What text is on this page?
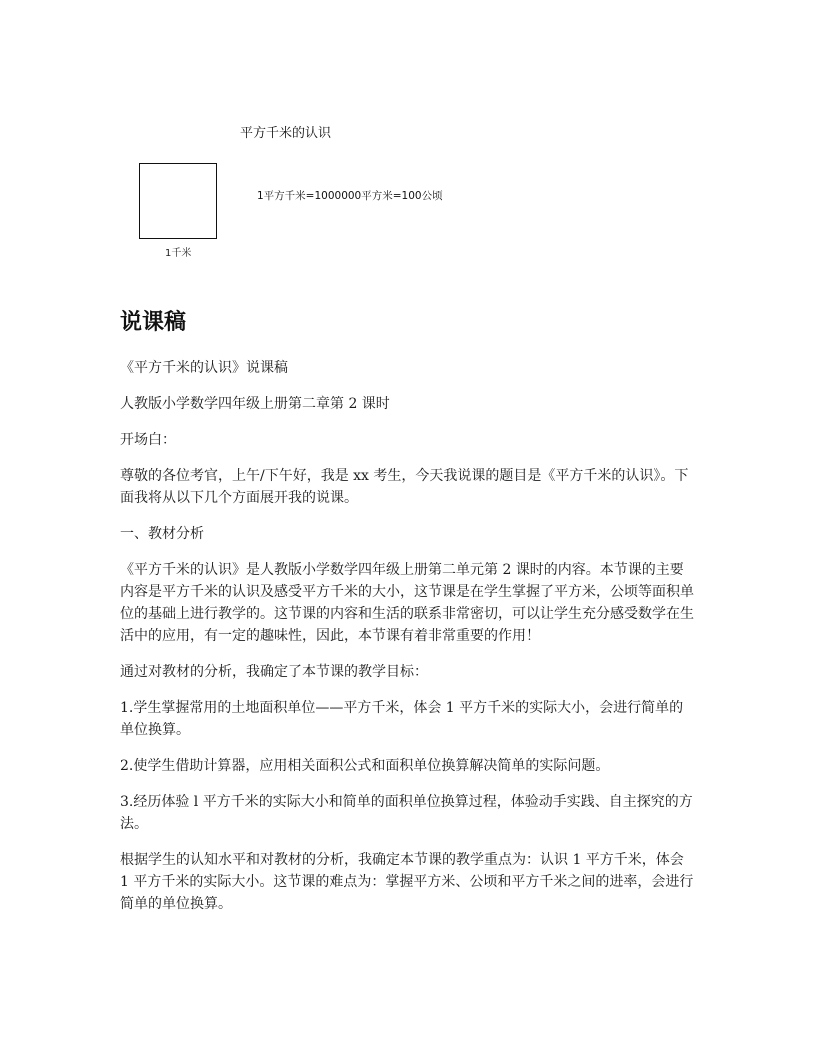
平方千米的认识
1千米
1平方千米=1000000平方米=100公顷
说课稿

《平方千米的认识》说课稿

人教版小学数学四年级上册第二章第 2 课时

开场白：

尊敬的各位考官，上午/下午好，我是 xx 考生，今天我说课的题目是《平方千米的认识》。下面我将从以下几个方面展开我的说课。

一、教材分析

《平方千米的认识》是人教版小学数学四年级上册第二单元第 2 课时的内容。本节课的主要内容是平方千米的认识及感受平方千米的大小，这节课是在学生掌握了平方米，公顷等面积单位的基础上进行教学的。这节课的内容和生活的联系非常密切，可以让学生充分感受数学在生活中的应用，有一定的趣味性，因此，本节课有着非常重要的作用！

通过对教材的分析，我确定了本节课的教学目标：

1.学生掌握常用的土地面积单位——平方千米，体会 1 平方千米的实际大小，会进行简单的单位换算。

2.使学生借助计算器，应用相关面积公式和面积单位换算解决简单的实际问题。

3.经历体验 l 平方千米的实际大小和简单的面积单位换算过程，体验动手实践、自主探究的方法。

根据学生的认知水平和对教材的分析，我确定本节课的教学重点为：认识 1 平方千米，体会 1 平方千米的实际大小。这节课的难点为：掌握平方米、公顷和平方千米之间的进率，会进行简单的单位换算。
